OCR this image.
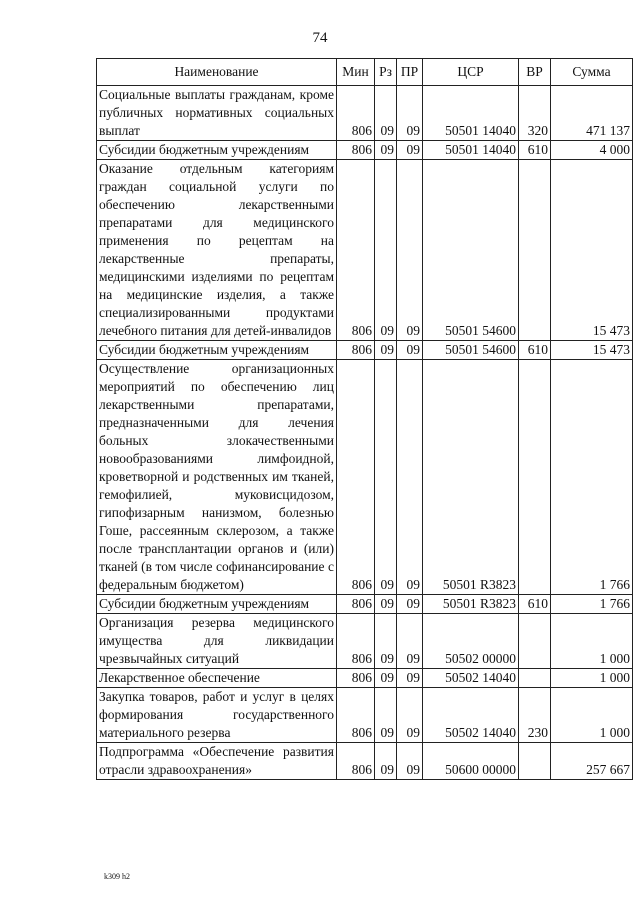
74
Наименование	Мин	Рз	ПР	ЦСР	ВР	Сумма
Социальные выплаты гражданам, кроме публичных нормативных социальных выплат	806	09	09	50501 14040	320	471 137
Субсидии бюджетным учреждениям	806	09	09	50501 14040	610	4 000
Оказание отдельным категориям граждан социальной услуги по обеспечению лекарственными препаратами для медицинского применения по рецептам на лекарственные препараты, медицинскими изделиями по рецептам на медицинские изделия, а также специализированными продуктами лечебного питания для детей-инвалидов	806	09	09	50501 54600		15 473
Субсидии бюджетным учреждениям	806	09	09	50501 54600	610	15 473
Осуществление организационных мероприятий по обеспечению лиц лекарственными препаратами, предназначенными для лечения больных злокачественными новообразованиями лимфоидной, кроветворной и родственных им тканей, гемофилией, муковисцидозом, гипофизарным нанизмом, болезнью Гоше, рассеянным склерозом, а также после трансплантации органов и (или) тканей (в том числе софинансирование с федеральным бюджетом)	806	09	09	50501 R3823		1 766
Субсидии бюджетным учреждениям	806	09	09	50501 R3823	610	1 766
Организация резерва медицинского имущества для ликвидации чрезвычайных ситуаций	806	09	09	50502 00000		1 000
Лекарственное обеспечение	806	09	09	50502 14040		1 000
Закупка товаров, работ и услуг в целях формирования государственного материального резерва	806	09	09	50502 14040	230	1 000
Подпрограмма «Обеспечение развития отрасли здравоохранения»	806	09	09	50600 00000		257 667
k309 h2
